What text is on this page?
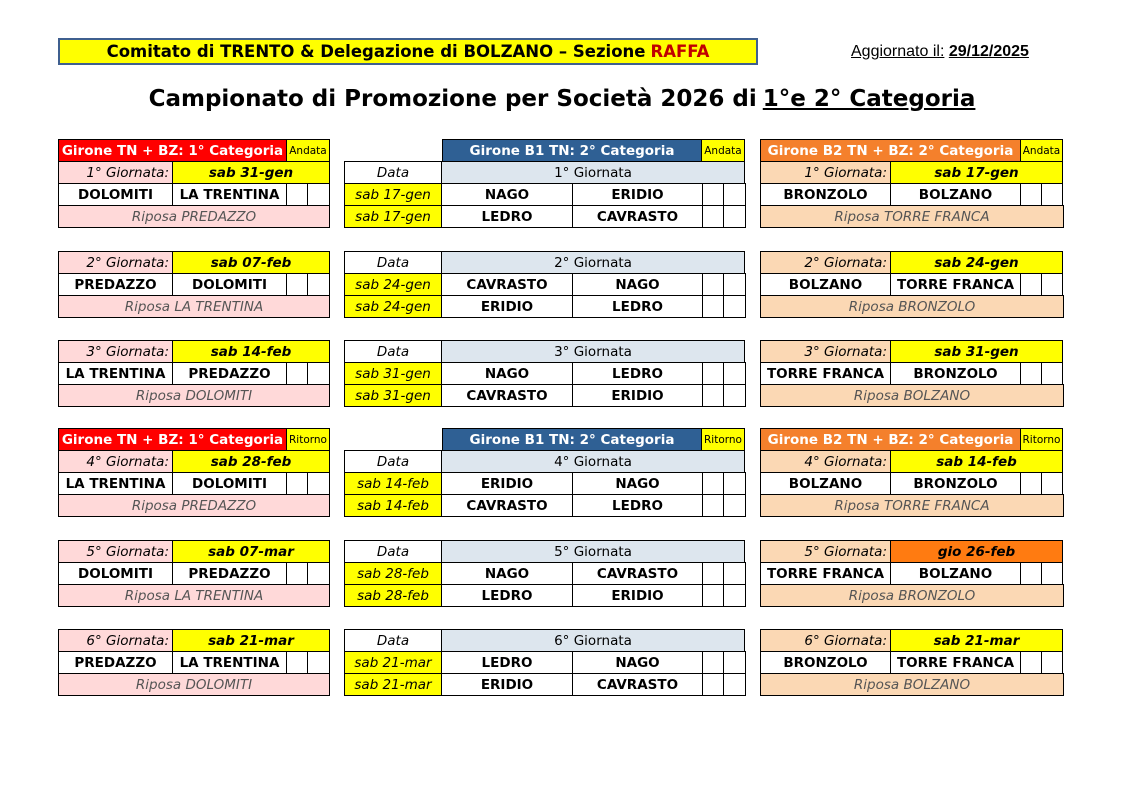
Comitato di TRENTO & Delegazione di BOLZANO – Sezione RAFFA	Aggiornato il: 29/12/2025
Campionato di Promozione per Società 2026 di 1°e 2° Categoria
Girone TN + BZ: 1° Categoria Andata
1° Giornata:	sab 31-gen
DOLOMITI	LA TRENTINA
Riposa PREDAZZO
2° Giornata:	sab 07-feb
PREDAZZO	DOLOMITI
Riposa LA TRENTINA
3° Giornata:	sab 14-feb
LA TRENTINA	PREDAZZO
Riposa DOLOMITI
Girone B1 TN: 2° Categoria	Andata
Data	1° Giornata
sab 17-gen	NAGO	ERIDIO
sab 17-gen	LEDRO	CAVRASTO
Data	2° Giornata
sab 24-gen	CAVRASTO	NAGO
sab 24-gen	ERIDIO	LEDRO
Data	3° Giornata
sab 31-gen	NAGO	LEDRO
sab 31-gen	CAVRASTO	ERIDIO
Girone B2 TN + BZ: 2° Categoria Andata
1° Giornata:	sab 17-gen
BRONZOLO	BOLZANO
Riposa TORRE FRANCA
2° Giornata:	sab 24-gen
BOLZANO	TORRE FRANCA
Riposa BRONZOLO
3° Giornata:	sab 31-gen
TORRE FRANCA	BRONZOLO
Riposa BOLZANO
Girone TN + BZ: 1° Categoria Ritorno
4° Giornata:	sab 28-feb
LA TRENTINA	DOLOMITI
Riposa PREDAZZO
5° Giornata:	sab 07-mar
DOLOMITI	PREDAZZO
Riposa LA TRENTINA
6° Giornata:	sab 21-mar
PREDAZZO	LA TRENTINA
Riposa DOLOMITI
Girone B1 TN: 2° Categoria	Ritorno
Data	4° Giornata
sab 14-feb	ERIDIO	NAGO
sab 14-feb	CAVRASTO	LEDRO
Data	5° Giornata
sab 28-feb	NAGO	CAVRASTO
sab 28-feb	LEDRO	ERIDIO
Data	6° Giornata
sab 21-mar	LEDRO	NAGO
sab 21-mar	ERIDIO	CAVRASTO
Girone B2 TN + BZ: 2° Categoria Ritorno
4° Giornata:	sab 14-feb
BOLZANO	BRONZOLO
Riposa TORRE FRANCA
5° Giornata:	gio 26-feb
TORRE FRANCA	BOLZANO
Riposa BRONZOLO
6° Giornata:	sab 21-mar
BRONZOLO	TORRE FRANCA
Riposa BOLZANO
